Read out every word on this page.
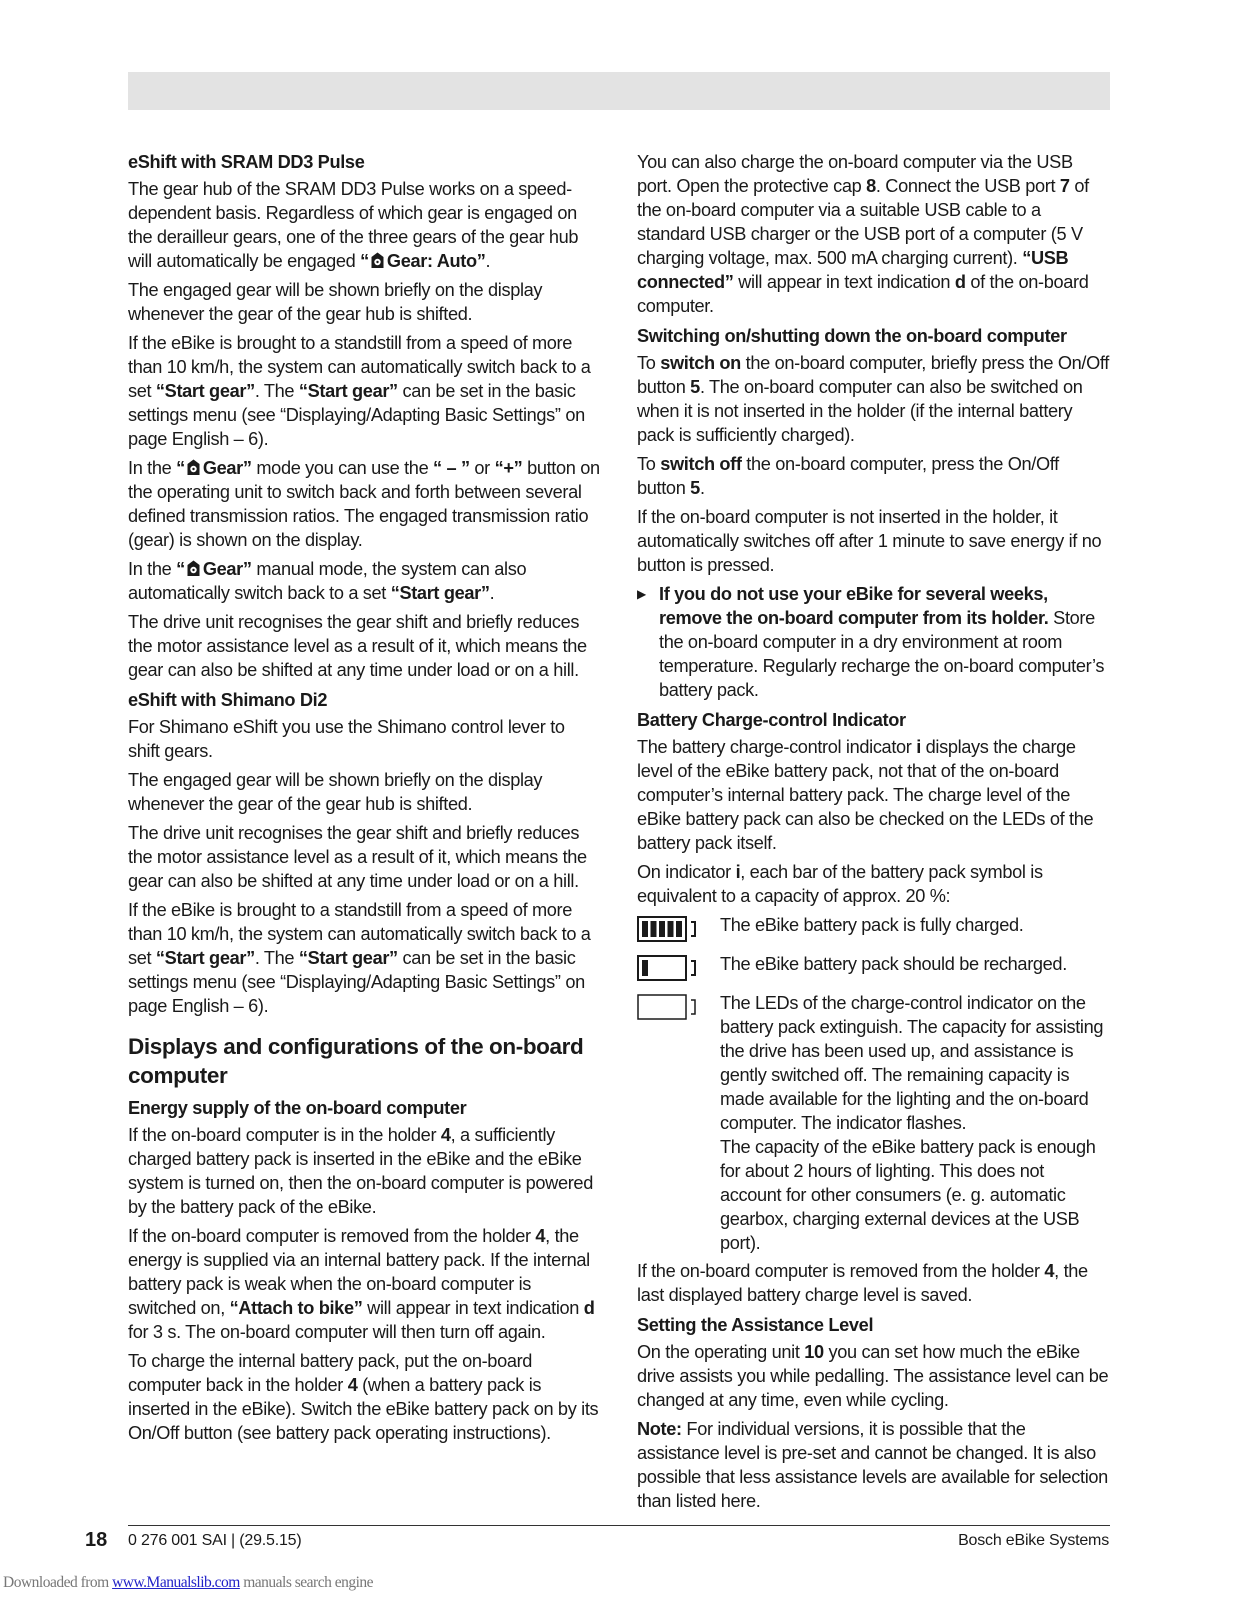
eShift with SRAM DD3 Pulse

The gear hub of the SRAM DD3 Pulse works on a speed-dependent basis. Regardless of which gear is engaged on the derailleur gears, one of the three gears of the gear hub will automatically be engaged “ Gear: Auto”.

The engaged gear will be shown briefly on the display whenever the gear of the gear hub is shifted.

If the eBike is brought to a standstill from a speed of more than 10 km/h, the system can automatically switch back to a set “Start gear”. The “Start gear” can be set in the basic settings menu (see “Displaying/Adapting Basic Settings” on page English – 6).

In the “ Gear” mode you can use the “ – ” or “+” button on the operating unit to switch back and forth between several defined transmission ratios. The engaged transmission ratio (gear) is shown on the display.

In the “ Gear” manual mode, the system can also automatically switch back to a set “Start gear”.

The drive unit recognises the gear shift and briefly reduces the motor assistance level as a result of it, which means the gear can also be shifted at any time under load or on a hill.

eShift with Shimano Di2

For Shimano eShift you use the Shimano control lever to shift gears.

The engaged gear will be shown briefly on the display whenever the gear of the gear hub is shifted.

The drive unit recognises the gear shift and briefly reduces the motor assistance level as a result of it, which means the gear can also be shifted at any time under load or on a hill.

If the eBike is brought to a standstill from a speed of more than 10 km/h, the system can automatically switch back to a set “Start gear”. The “Start gear” can be set in the basic settings menu (see “Displaying/Adapting Basic Settings” on page English – 6).

Displays and configurations of the on-board computer
Energy supply of the on-board computer

If the on-board computer is in the holder 4, a sufficiently charged battery pack is inserted in the eBike and the eBike system is turned on, then the on-board computer is powered by the battery pack of the eBike.

If the on-board computer is removed from the holder 4, the energy is supplied via an internal battery pack. If the internal battery pack is weak when the on-board computer is switched on, “Attach to bike” will appear in text indication d for 3 s. The on-board computer will then turn off again.

To charge the internal battery pack, put the on-board computer back in the holder 4 (when a battery pack is inserted in the eBike). Switch the eBike battery pack on by its On/Off button (see battery pack operating instructions).

You can also charge the on-board computer via the USB port. Open the protective cap 8. Connect the USB port 7 of the on-board computer via a suitable USB cable to a standard USB charger or the USB port of a computer (5 V charging voltage, max. 500 mA charging current). “USB connected” will appear in text indication d of the on-board computer.

Switching on/shutting down the on-board computer

To switch on the on-board computer, briefly press the On/Off button 5. The on-board computer can also be switched on when it is not inserted in the holder (if the internal battery pack is sufficiently charged).

To switch off the on-board computer, press the On/Off button 5.

If the on-board computer is not inserted in the holder, it automatically switches off after 1 minute to save energy if no button is pressed.

▶ If you do not use your eBike for several weeks, remove the on-board computer from its holder. Store the on-board computer in a dry environment at room temperature. Regularly recharge the on-board computer’s battery pack.
Battery Charge-control Indicator

The battery charge-control indicator i displays the charge level of the eBike battery pack, not that of the on-board computer’s internal battery pack. The charge level of the eBike battery pack can also be checked on the LEDs of the battery pack itself.

On indicator i, each bar of the battery pack symbol is equivalent to a capacity of approx. 20 %:

The eBike battery pack is fully charged.
The eBike battery pack should be recharged.
The LEDs of the charge-control indicator on the battery pack extinguish. The capacity for assisting the drive has been used up, and assistance is gently switched off. The remaining capacity is made available for the lighting and the on-board computer. The indicator flashes.
The capacity of the eBike battery pack is enough for about 2 hours of lighting. This does not account for other consumers (e. g. automatic gearbox, charging external devices at the USB port).

If the on-board computer is removed from the holder 4, the last displayed battery charge level is saved.

Setting the Assistance Level

On the operating unit 10 you can set how much the eBike drive assists you while pedalling. The assistance level can be changed at any time, even while cycling.

Note: For individual versions, it is possible that the assistance level is pre-set and cannot be changed. It is also possible that less assistance levels are available for selection than listed here.

18 0 276 001 SAI | (29.5.15)	Bosch eBike Systems
Downloaded from www.Manualslib.com manuals search engine
